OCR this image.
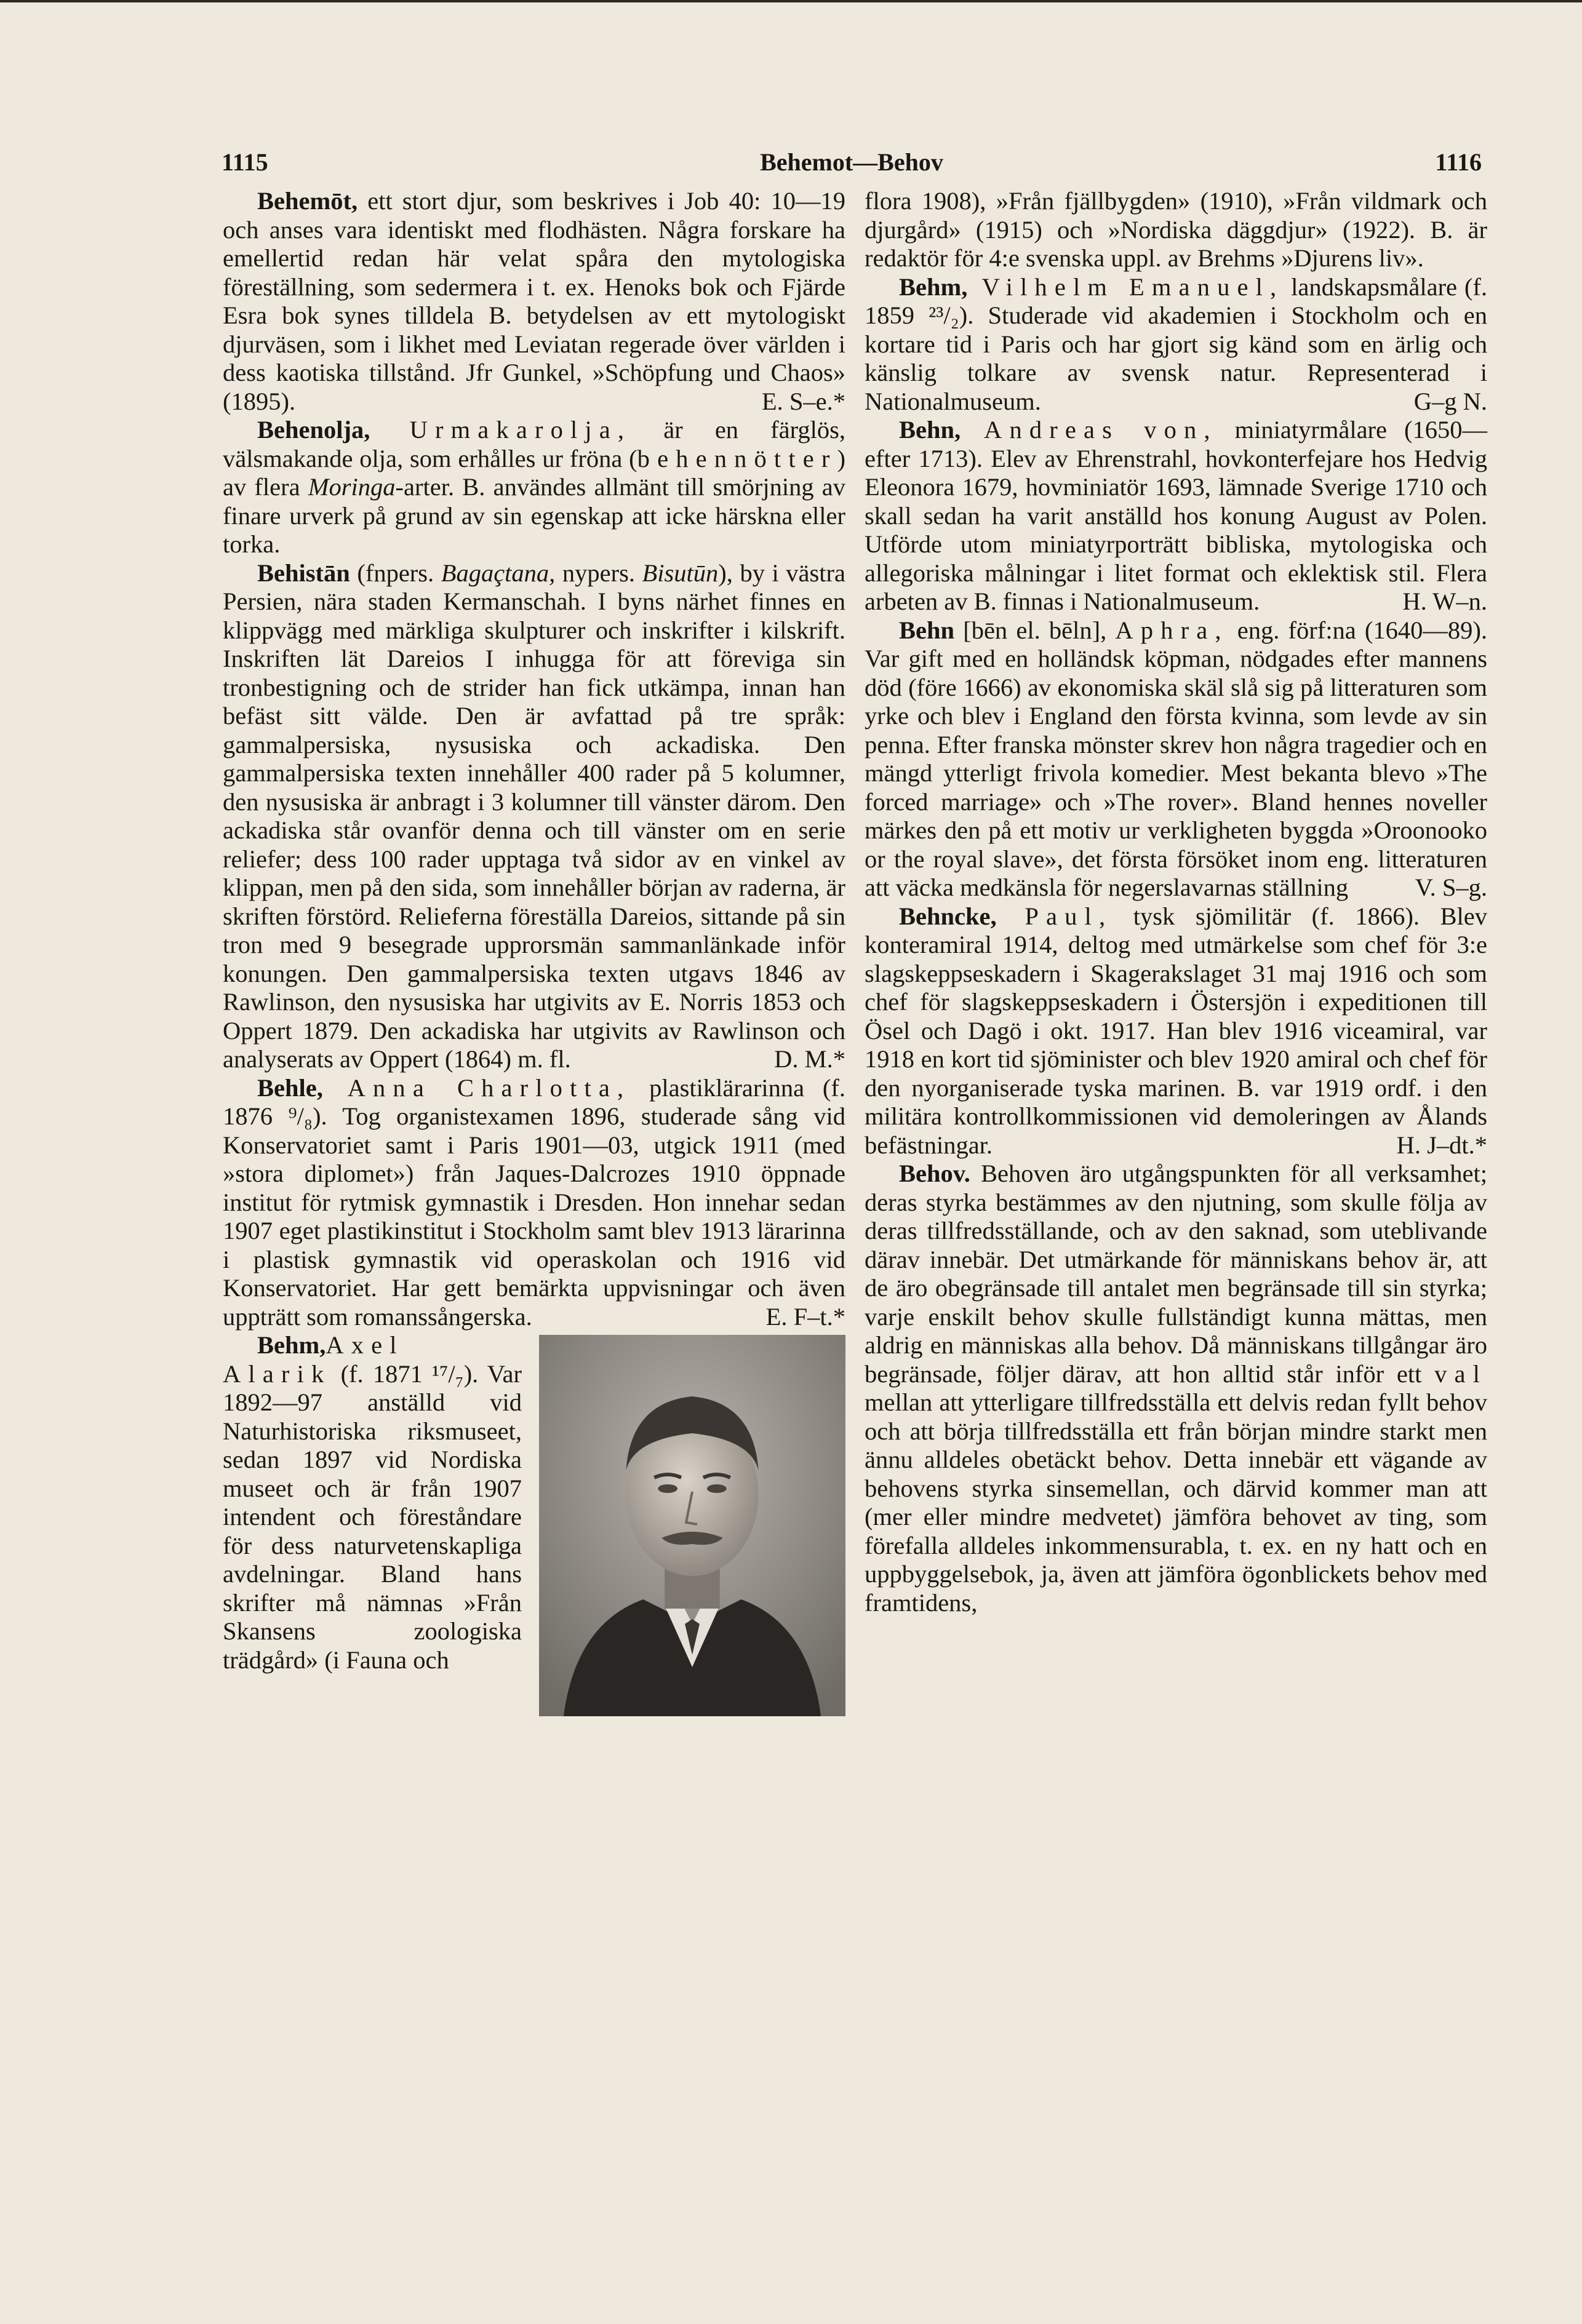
Behemot—Behov
1115	1116

Behemōt, ett stort djur, som beskrives i Job 40: 10—19 och anses vara identiskt med flodhästen. Några forskare ha emellertid redan här velat spåra den mytologiska föreställning, som sedermera i t. ex. Henoks bok och Fjärde Esra bok synes tilldela B. betydelsen av ett mytologiskt djurväsen, som i likhet med Leviatan regerade över världen i dess kaotiska tillstånd. Jfr Gunkel, »Schöpfung und Chaos» (1895).	E. S–e.*

Behenolja, Urmakarolja, är en färglös, välsmakande olja, som erhålles ur fröna (behennötter) av flera Moringa-arter. B. användes allmänt till smörjning av finare urverk på grund av sin egenskap att icke härskna eller torka.

Behistān (fnpers. Bagaçtana, nypers. Bisutūn), by i västra Persien, nära staden Kermanschah. I byns närhet finnes en klippvägg med märkliga skulpturer och inskrifter i kilskrift. Inskriften lät Dareios I inhugga för att föreviga sin tronbestigning och de strider han fick utkämpa, innan han befäst sitt välde. Den är avfattad på tre språk: gammalpersiska, nysusiska och ackadiska. Den gammalpersiska texten innehåller 400 rader på 5 kolumner, den nysusiska är anbragt i 3 kolumner till vänster därom. Den ackadiska står ovanför denna och till vänster om en serie reliefer; dess 100 rader upptaga två sidor av en vinkel av klippan, men på den sida, som innehåller början av raderna, är skriften förstörd. Relieferna föreställa Dareios, sittande på sin tron med 9 besegrade upprorsmän sammanlänkade inför konungen. Den gammalpersiska texten utgavs 1846 av Rawlinson, den nysusiska har utgivits av E. Norris 1853 och Oppert 1879. Den ackadiska har utgivits av Rawlinson och analyserats av Oppert (1864) m. fl.	D. M.*

Behle, Anna Charlotta, plastiklärarinna (f. 1876 ⁹/₈). Tog organistexamen 1896, studerade sång vid Konservatoriet samt i Paris 1901—03, utgick 1911 (med »stora diplomet») från Jaques-Dalcrozes 1910 öppnade institut för rytmisk gymnastik i Dresden. Hon innehar sedan 1907 eget plastikinstitut i Stockholm samt blev 1913 lärarinna i plastisk gymnastik vid operaskolan och 1916 vid Konservatoriet. Har gett bemärkta uppvisningar och även uppträtt som romanssångerska.	E. F–t.*

Behm,Axel Alarik (f. 1871 ¹⁷/₇). Var 1892—97 anställd vid Naturhistoriska riksmuseet, sedan 1897 vid Nordiska museet och är från 1907 intendent och föreståndare för dess naturvetenskapliga avdelningar. Bland hans skrifter må nämnas »Från Skansens zoologiska trädgård» (i Fauna och

flora 1908), »Från fjällbygden» (1910), »Från vildmark och djurgård» (1915) och »Nordiska däggdjur» (1922). B. är redaktör för 4:e svenska uppl. av Brehms »Djurens liv».

Behm, Vilhelm Emanuel, landskapsmålare (f. 1859 ²³/₂). Studerade vid akademien i Stockholm och en kortare tid i Paris och har gjort sig känd som en ärlig och känslig tolkare av svensk natur. Representerad i Nationalmuseum.	G–g N.

Behn, Andreas von, miniatyrmålare (1650—efter 1713). Elev av Ehrenstrahl, hovkonterfejare hos Hedvig Eleonora 1679, hovminiatör 1693, lämnade Sverige 1710 och skall sedan ha varit anställd hos konung August av Polen. Utförde utom miniatyrporträtt bibliska, mytologiska och allegoriska målningar i litet format och eklektisk stil. Flera arbeten av B. finnas i Nationalmuseum.	H. W–n.

Behn [bēn el. bēln], Aphra, eng. förf:na (1640—89). Var gift med en holländsk köpman, nödgades efter mannens död (före 1666) av ekonomiska skäl slå sig på litteraturen som yrke och blev i England den första kvinna, som levde av sin penna. Efter franska mönster skrev hon några tragedier och en mängd ytterligt frivola komedier. Mest bekanta blevo »The forced marriage» och »The rover». Bland hennes noveller märkes den på ett motiv ur verkligheten byggda »Oroonooko or the royal slave», det första försöket inom eng. litteraturen att väcka medkänsla för negerslavarnas ställning	V. S–g.

Behncke, Paul, tysk sjömilitär (f. 1866). Blev konteramiral 1914, deltog med utmärkelse som chef för 3:e slagskeppseskadern i Skagerakslaget 31 maj 1916 och som chef för slagskeppseskadern i Östersjön i expeditionen till Ösel och Dagö i okt. 1917. Han blev 1916 viceamiral, var 1918 en kort tid sjöminister och blev 1920 amiral och chef för den nyorganiserade tyska marinen. B. var 1919 ordf. i den militära kontrollkommissionen vid demoleringen av Ålands befästningar.	H. J–dt.*

Behov. Behoven äro utgångspunkten för all verksamhet; deras styrka bestämmes av den njutning, som skulle följa av deras tillfredsställande, och av den saknad, som uteblivande därav innebär. Det utmärkande för människans behov är, att de äro obegränsade till antalet men begränsade till sin styrka; varje enskilt behov skulle fullständigt kunna mättas, men aldrig en människas alla behov. Då människans tillgångar äro begränsade, följer därav, att hon alltid står inför ett val mellan att ytterligare tillfredsställa ett delvis redan fyllt behov och att börja tillfredsställa ett från början mindre starkt men ännu alldeles obetäckt behov. Detta innebär ett vägande av behovens styrka sinsemellan, och därvid kommer man att (mer eller mindre medvetet) jämföra behovet av ting, som förefalla alldeles inkommensurabla, t. ex. en ny hatt och en uppbyggelsebok, ja, även att jämföra ögonblickets behov med framtidens,
